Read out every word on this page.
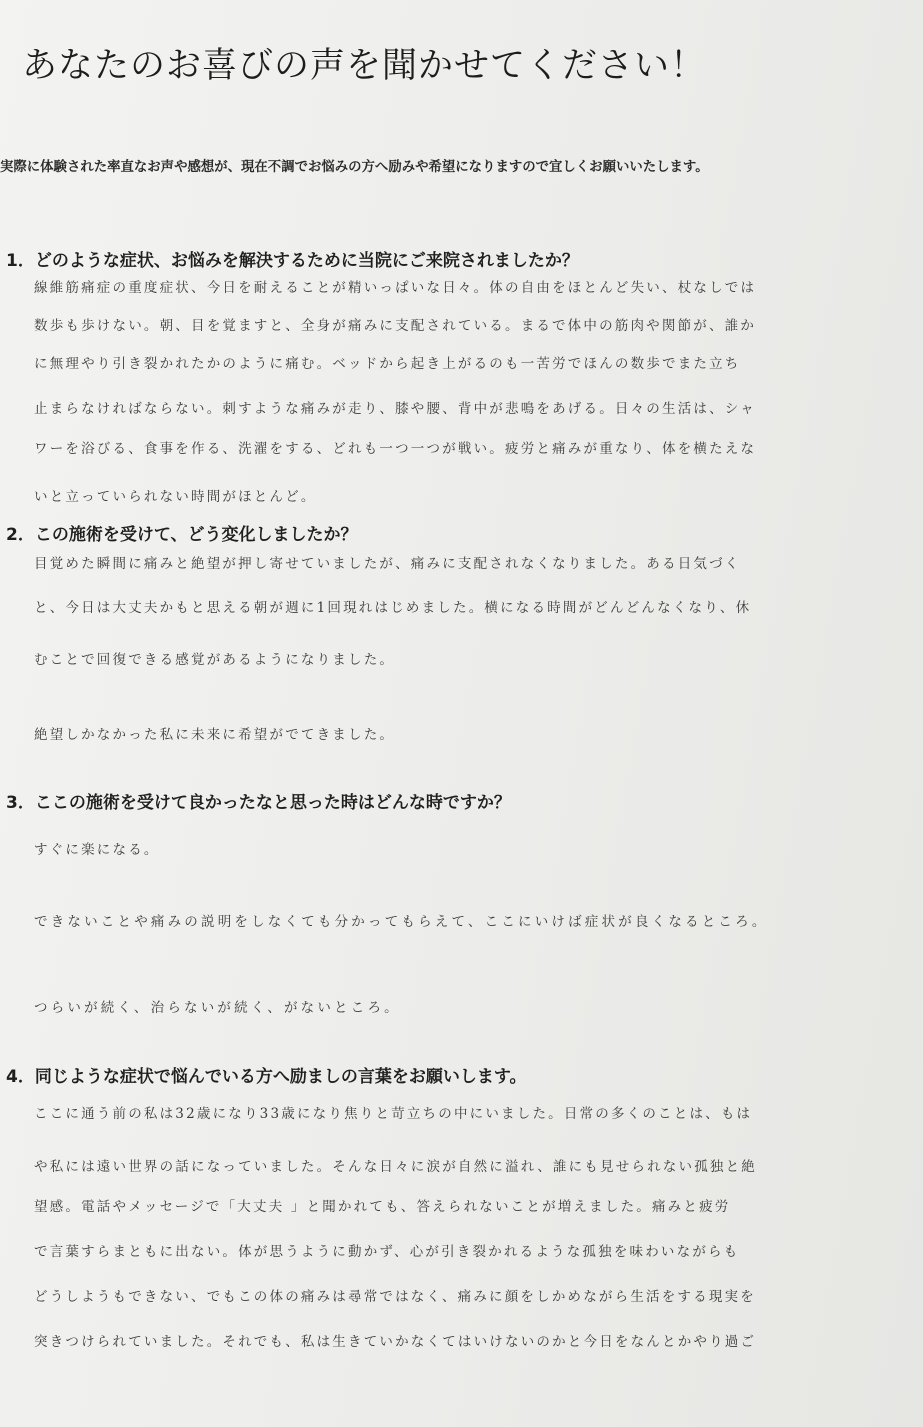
あなたのお喜びの声を聞かせてください！
実際に体験された率直なお声や感想が、現在不調でお悩みの方へ励みや希望になりますので宜しくお願いいたします。
1．どのような症状、お悩みを解決するために当院にご来院されましたか？
線維筋痛症の重度症状、今日を耐えることが精いっぱいな日々。体の自由をほとんど失い、杖なしでは
数歩も歩けない。朝、目を覚ますと、全身が痛みに支配されている。まるで体中の筋肉や関節が、誰か
に無理やり引き裂かれたかのように痛む。ベッドから起き上がるのも一苦労でほんの数歩でまた立ち
止まらなければならない。刺すような痛みが走り、膝や腰、背中が悲鳴をあげる。日々の生活は、シャ
ワーを浴びる、食事を作る、洗濯をする、どれも一つ一つが戦い。疲労と痛みが重なり、体を横たえな
いと立っていられない時間がほとんど。
2．この施術を受けて、どう変化しましたか？
目覚めた瞬間に痛みと絶望が押し寄せていましたが、痛みに支配されなくなりました。ある日気づく
と、今日は大丈夫かもと思える朝が週に1回現れはじめました。横になる時間がどんどんなくなり、休
むことで回復できる感覚があるようになりました。
絶望しかなかった私に未来に希望がでてきました。
3．ここの施術を受けて良かったなと思った時はどんな時ですか？
すぐに楽になる。
できないことや痛みの説明をしなくても分かってもらえて、ここにいけば症状が良くなるところ。
つらいが続く、治らないが続く、がないところ。
4．同じような症状で悩んでいる方へ励ましの言葉をお願いします。
ここに通う前の私は32歳になり33歳になり焦りと苛立ちの中にいました。日常の多くのことは、もは
や私には遠い世界の話になっていました。そんな日々に涙が自然に溢れ、誰にも見せられない孤独と絶
望感。電話やメッセージで「大丈夫 」と聞かれても、答えられないことが増えました。痛みと疲労
で言葉すらまともに出ない。体が思うように動かず、心が引き裂かれるような孤独を味わいながらも
どうしようもできない、でもこの体の痛みは尋常ではなく、痛みに顔をしかめながら生活をする現実を
突きつけられていました。それでも、私は生きていかなくてはいけないのかと今日をなんとかやり過ご
